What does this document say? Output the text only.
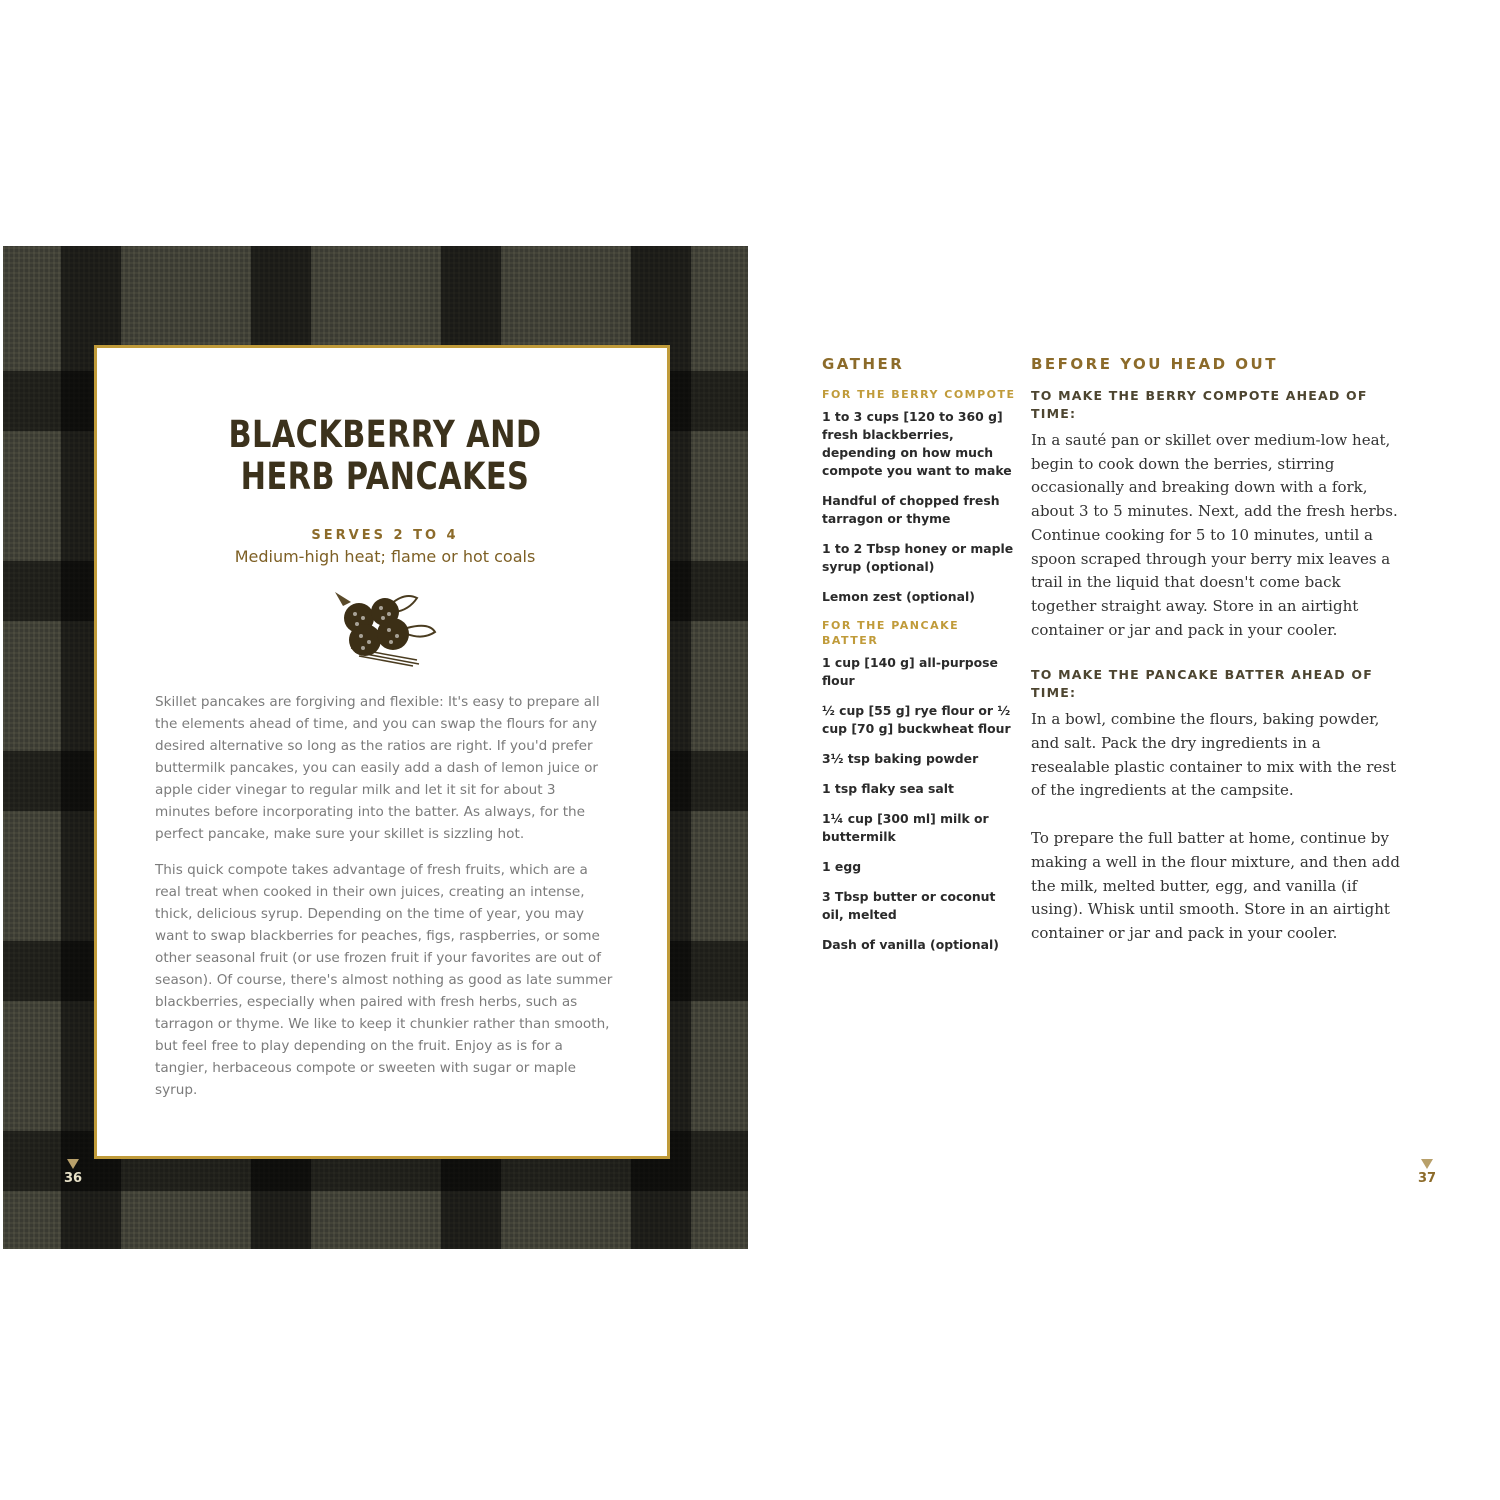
BLACKBERRY AND
HERB PANCAKES
SERVES 2 TO 4
Medium-high heat; flame or hot coals

Skillet pancakes are forgiving and flexible: It's easy to prepare all the elements ahead of time, and you can swap the flours for any desired alternative so long as the ratios are right. If you'd prefer buttermilk pancakes, you can easily add a dash of lemon juice or apple cider vinegar to regular milk and let it sit for about 3 minutes before incorporating into the batter. As always, for the perfect pancake, make sure your skillet is sizzling hot.

This quick compote takes advantage of fresh fruits, which are a real treat when cooked in their own juices, creating an intense, thick, delicious syrup. Depending on the time of year, you may want to swap blackberries for peaches, figs, raspberries, or some other seasonal fruit (or use frozen fruit if your favorites are out of season). Of course, there's almost nothing as good as late summer blackberries, especially when paired with fresh herbs, such as tarragon or thyme. We like to keep it chunkier rather than smooth, but feel free to play depending on the fruit. Enjoy as is for a tangier, herbaceous compote or sweeten with sugar or maple syrup.

36
GATHER
FOR THE BERRY COMPOTE
1 to 3 cups [120 to 360 g] fresh blackberries, depending on how much compote you want to make
Handful of chopped fresh tarragon or thyme
1 to 2 Tbsp honey or maple syrup (optional)
Lemon zest (optional)
FOR THE PANCAKE BATTER
1 cup [140 g] all-purpose flour
½ cup [55 g] rye flour or ½ cup [70 g] buckwheat flour
3½ tsp baking powder
1 tsp flaky sea salt
1¼ cup [300 ml] milk or buttermilk
1 egg
3 Tbsp butter or coconut oil, melted
Dash of vanilla (optional)
BEFORE YOU HEAD OUT
TO MAKE THE BERRY COMPOTE AHEAD OF TIME:

In a sauté pan or skillet over medium-low heat, begin to cook down the berries, stirring occasionally and breaking down with a fork, about 3 to 5 minutes. Next, add the fresh herbs. Continue cooking for 5 to 10 minutes, until a spoon scraped through your berry mix leaves a trail in the liquid that doesn't come back together straight away. Store in an airtight container or jar and pack in your cooler.

TO MAKE THE PANCAKE BATTER AHEAD OF TIME:

In a bowl, combine the flours, baking powder, and salt. Pack the dry ingredients in a resealable plastic container to mix with the rest of the ingredients at the campsite.

To prepare the full batter at home, continue by making a well in the flour mixture, and then add the milk, melted butter, egg, and vanilla (if using). Whisk until smooth. Store in an airtight container or jar and pack in your cooler.

37
